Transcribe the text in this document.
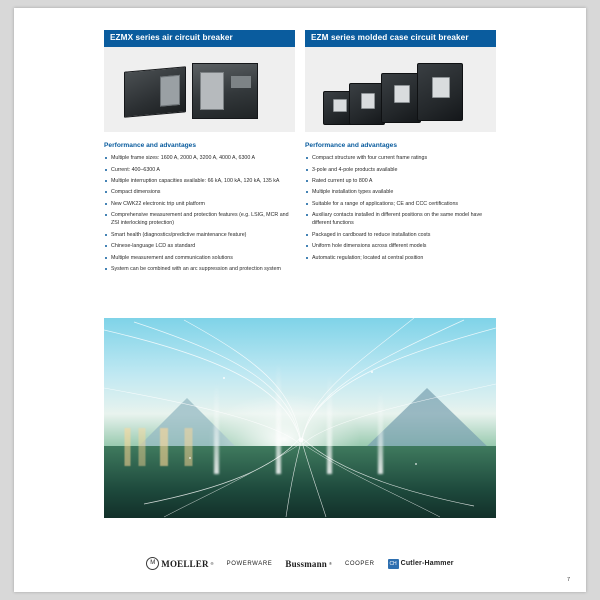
EZMX series air circuit breaker
Performance and advantages
Multiple frame sizes: 1600 A, 2000 A, 3200 A, 4000 A, 6300 A
Current: 400–6300 A
Multiple interruption capacities available: 66 kA, 100 kA, 120 kA, 135 kA
Compact dimensions
New CWK22 electronic trip unit platform
Comprehensive measurement and protection features (e.g. LSIG, MCR and ZSI interlocking protection)
Smart health (diagnostics/predictive maintenance feature)
Chinese-language LCD as standard
Multiple measurement and communication solutions
System can be combined with an arc suppression and protection system
EZM series molded case circuit breaker
Performance and advantages
Compact structure with four current frame ratings
3-pole and 4-pole products available
Rated current up to 800 A
Multiple installation types available
Suitable for a range of applications; CE and CCC certifications
Auxiliary contacts installed in different positions on the same model have different functions
Packaged in cardboard to reduce installation costs
Uniform hole dimensions across different models
Automatic regulation; located at central position
M MOELLER ® POWERWARE Bussmann ® COOPER	CH Cutler-Hammer
7
